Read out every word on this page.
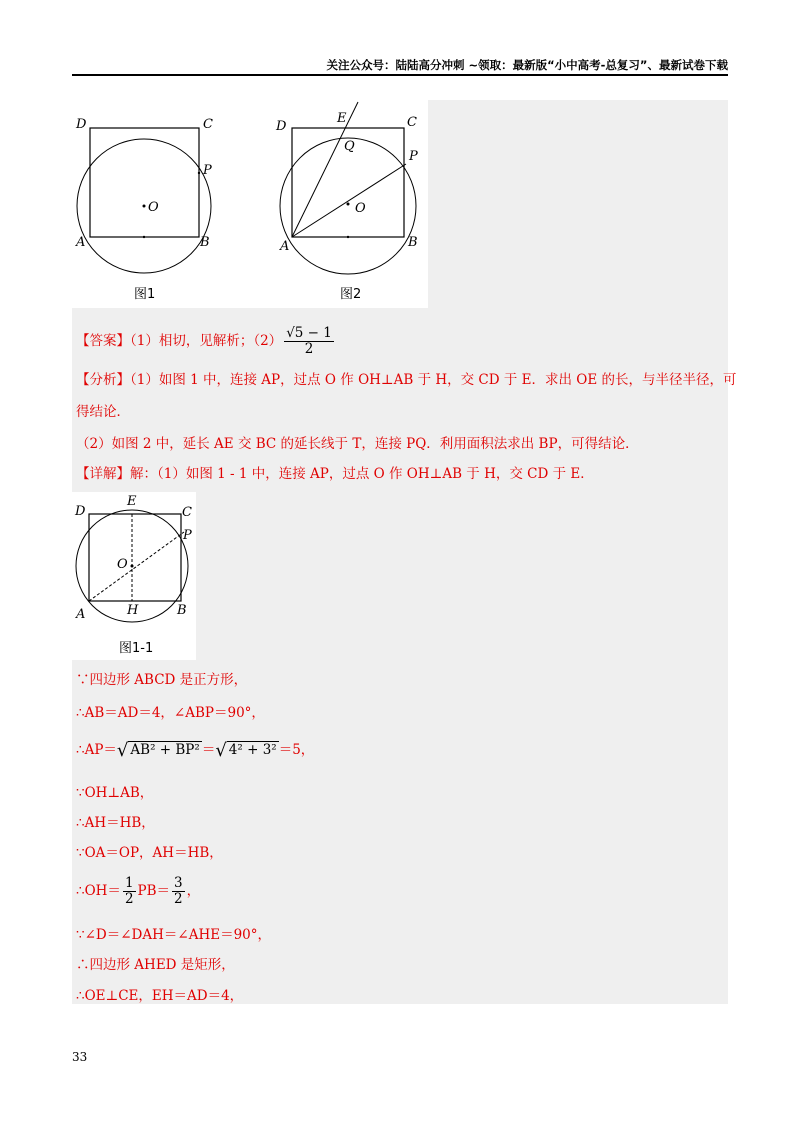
关注公众号：陆陆高分冲刺 ~领取：最新版“小中高考-总复习”、最新试卷下载
D	C
P
O
A	B
图1
D
E	C
Q
P
O
A	B
图2
【答案】（1）相切，见解析；$(2) \frac{√5 - 1}{2}$
【分析】（1）如图 1 中，连接 AP，过点 O 作 OH⊥AB 于 H，交 CD 于 E．求出 OE 的长，与半径半径，可
得结论．
（2）如图 2 中，延长 AE 交 BC 的延长线于 T，连接 PQ．利用面积法求出 BP，可得结论．
【详解】解：（1）如图 1 - 1 中，连接 AP，过点 O 作 OH⊥AB 于 H，交 CD 于 E．
D
E
C
P
O
A	H	B
图1-1
∵四边形 ABCD 是正方形，
∴AB＝AD＝4，∠ABP＝90°，
∴AP＝√ AB² + BP² ＝√ 4² + 3² ＝5，
∵OH⊥AB，
∴AH＝HB，
∵OA＝OP，AH＝HB，
∴OH＝ $\frac{1}{2} PB= \frac{3}{2}$ ，
∵∠D＝∠DAH＝∠AHE＝90°，
∴四边形 AHED 是矩形，
∴OE⊥CE，EH＝AD＝4，
33
